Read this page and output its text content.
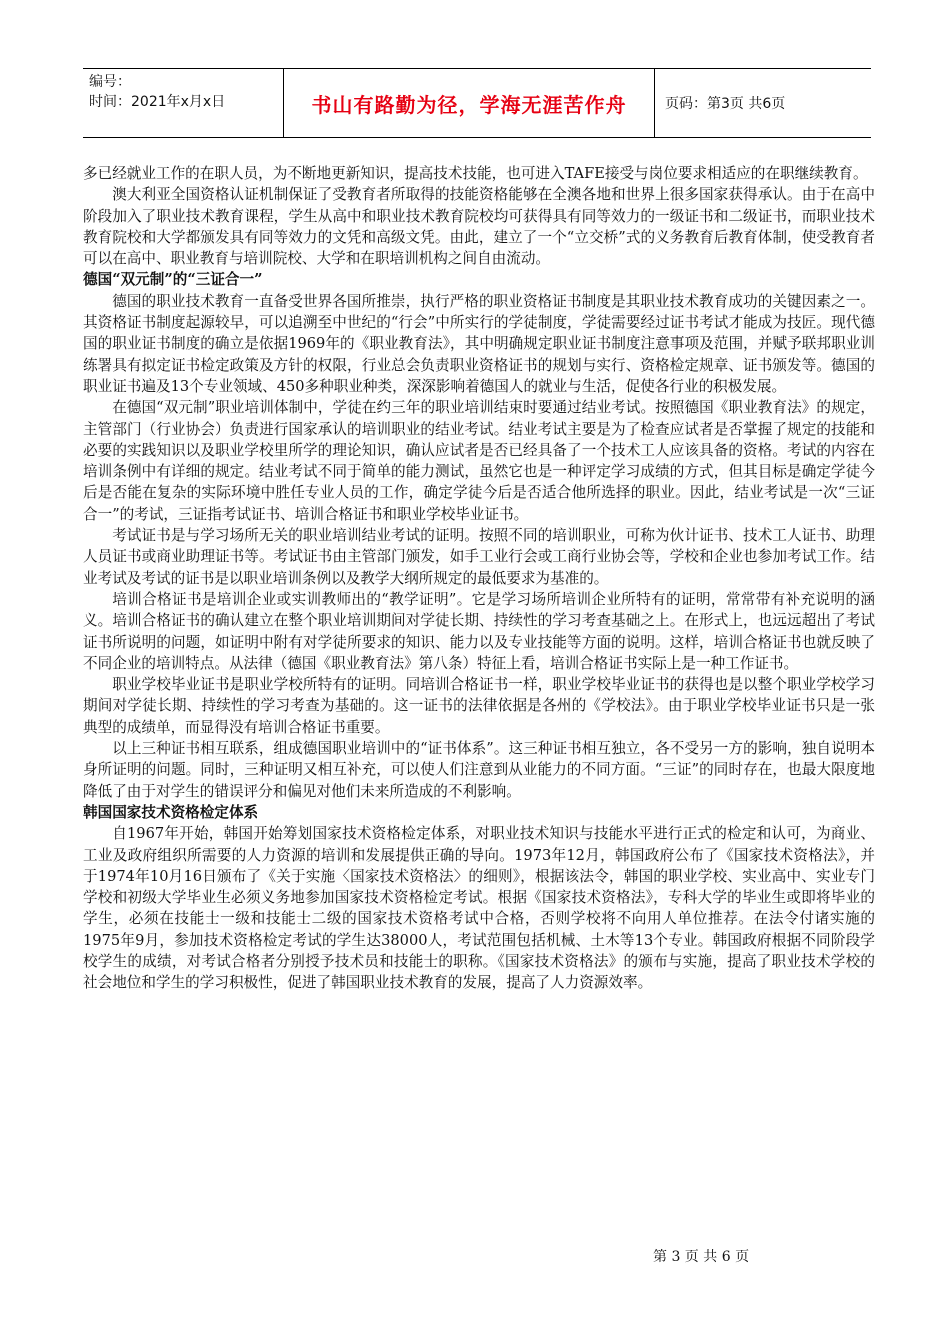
编号：
时间：2021年x月x日	书山有路勤为径，学海无涯苦作舟	页码：第3页 共6页

多已经就业工作的在职人员，为不断地更新知识，提高技术技能，也可进入TAFE接受与岗位要求相适应的在职继续教育。

澳大利亚全国资格认证机制保证了受教育者所取得的技能资格能够在全澳各地和世界上很多国家获得承认。由于在高中阶段加入了职业技术教育课程，学生从高中和职业技术教育院校均可获得具有同等效力的一级证书和二级证书，而职业技术教育院校和大学都颁发具有同等效力的文凭和高级文凭。由此，建立了一个“立交桥”式的义务教育后教育体制，使受教育者可以在高中、职业教育与培训院校、大学和在职培训机构之间自由流动。

德国“双元制”的“三证合一”

德国的职业技术教育一直备受世界各国所推崇，执行严格的职业资格证书制度是其职业技术教育成功的关键因素之一。其资格证书制度起源较早，可以追溯至中世纪的“行会”中所实行的学徒制度，学徒需要经过证书考试才能成为技匠。现代德国的职业证书制度的确立是依据1969年的《职业教育法》，其中明确规定职业证书制度注意事项及范围，并赋予联邦职业训练署具有拟定证书检定政策及方针的权限，行业总会负责职业资格证书的规划与实行、资格检定规章、证书颁发等。德国的职业证书遍及13个专业领域、450多种职业种类，深深影响着德国人的就业与生活，促使各行业的积极发展。

在德国“双元制”职业培训体制中，学徒在约三年的职业培训结束时要通过结业考试。按照德国《职业教育法》的规定，主管部门（行业协会）负责进行国家承认的培训职业的结业考试。结业考试主要是为了检查应试者是否掌握了规定的技能和必要的实践知识以及职业学校里所学的理论知识，确认应试者是否已经具备了一个技术工人应该具备的资格。考试的内容在培训条例中有详细的规定。结业考试不同于简单的能力测试，虽然它也是一种评定学习成绩的方式，但其目标是确定学徒今后是否能在复杂的实际环境中胜任专业人员的工作，确定学徒今后是否适合他所选择的职业。因此，结业考试是一次“三证合一”的考试，三证指考试证书、培训合格证书和职业学校毕业证书。

考试证书是与学习场所无关的职业培训结业考试的证明。按照不同的培训职业，可称为伙计证书、技术工人证书、助理人员证书或商业助理证书等。考试证书由主管部门颁发，如手工业行会或工商行业协会等，学校和企业也参加考试工作。结业考试及考试的证书是以职业培训条例以及教学大纲所规定的最低要求为基准的。

培训合格证书是培训企业或实训教师出的“教学证明”。它是学习场所培训企业所特有的证明，常常带有补充说明的涵义。培训合格证书的确认建立在整个职业培训期间对学徒长期、持续性的学习考查基础之上。在形式上，也远远超出了考试证书所说明的问题，如证明中附有对学徒所要求的知识、能力以及专业技能等方面的说明。这样，培训合格证书也就反映了不同企业的培训特点。从法律（德国《职业教育法》第八条）特征上看，培训合格证书实际上是一种工作证书。

职业学校毕业证书是职业学校所特有的证明。同培训合格证书一样，职业学校毕业证书的获得也是以整个职业学校学习期间对学徒长期、持续性的学习考查为基础的。这一证书的法律依据是各州的《学校法》。由于职业学校毕业证书只是一张典型的成绩单，而显得没有培训合格证书重要。

以上三种证书相互联系，组成德国职业培训中的“证书体系”。这三种证书相互独立，各不受另一方的影响，独自说明本身所证明的问题。同时，三种证明又相互补充，可以使人们注意到从业能力的不同方面。“三证”的同时存在，也最大限度地降低了由于对学生的错误评分和偏见对他们未来所造成的不利影响。

韩国国家技术资格检定体系

自1967年开始，韩国开始筹划国家技术资格检定体系，对职业技术知识与技能水平进行正式的检定和认可，为商业、工业及政府组织所需要的人力资源的培训和发展提供正确的导向。1973年12月，韩国政府公布了《国家技术资格法》，并于1974年10月16日颁布了《关于实施〈国家技术资格法〉的细则》，根据该法令，韩国的职业学校、实业高中、实业专门学校和初级大学毕业生必须义务地参加国家技术资格检定考试。根据《国家技术资格法》，专科大学的毕业生或即将毕业的学生，必须在技能士一级和技能士二级的国家技术资格考试中合格，否则学校将不向用人单位推荐。在法令付诸实施的1975年9月，参加技术资格检定考试的学生达38000人，考试范围包括机械、土木等13个专业。韩国政府根据不同阶段学校学生的成绩，对考试合格者分别授予技术员和技能士的职称。《国家技术资格法》的颁布与实施，提高了职业技术学校的社会地位和学生的学习积极性，促进了韩国职业技术教育的发展，提高了人力资源效率。

第 3 页 共 6 页
